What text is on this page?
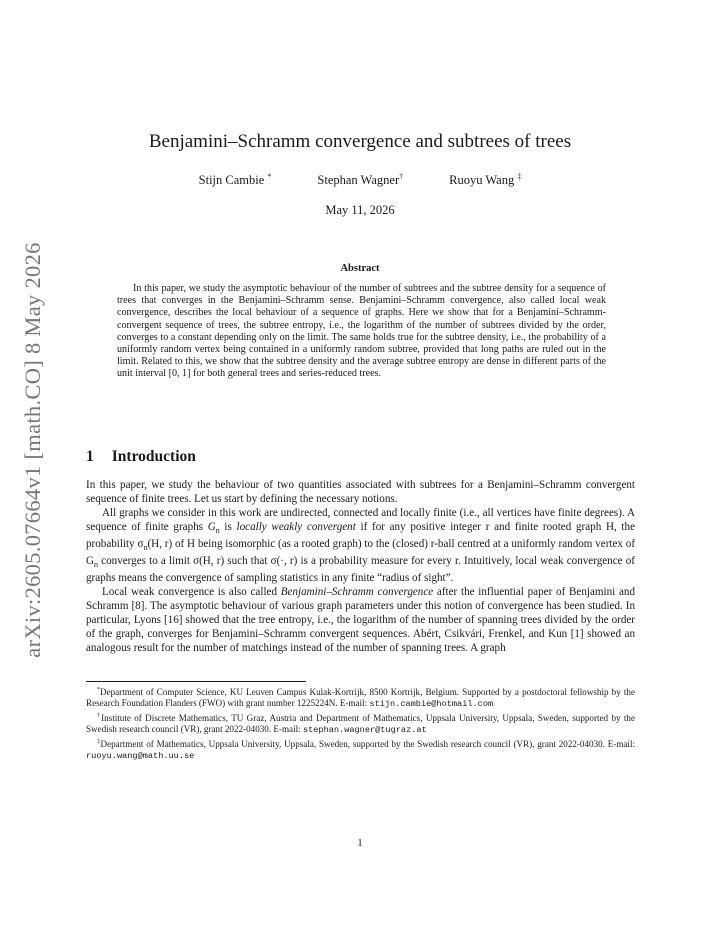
arXiv:2605.07664v1 [math.CO] 8 May 2026
Benjamini–Schramm convergence and subtrees of trees
Stijn Cambie *	Stephan Wagner†	Ruoyu Wang ‡
May 11, 2026
Abstract

In this paper, we study the asymptotic behaviour of the number of subtrees and the subtree density for a sequence of trees that converges in the Benjamini–Schramm sense. Benjamini–Schramm convergence, also called local weak convergence, describes the local behaviour of a sequence of graphs. Here we show that for a Benjamini–Schramm-convergent sequence of trees, the subtree entropy, i.e., the logarithm of the number of subtrees divided by the order, converges to a constant depending only on the limit. The same holds true for the subtree density, i.e., the probability of a uniformly random vertex being contained in a uniformly random subtree, provided that long paths are ruled out in the limit. Related to this, we show that the subtree density and the average subtree entropy are dense in different parts of the unit interval [0, 1] for both general trees and series-reduced trees.

1 Introduction

In this paper, we study the behaviour of two quantities associated with subtrees for a Benjamini–Schramm convergent sequence of finite trees. Let us start by defining the necessary notions.

All graphs we consider in this work are undirected, connected and locally finite (i.e., all vertices have finite degrees). A sequence of finite graphs $G_n$ is locally weakly convergent if for any positive integer r and finite rooted graph H, the probability $\sigma_n(H$, r) of H being isomorphic (as a rooted graph) to the (closed) r-ball centred at a uniformly random vertex of $G_n$ converges to a limit σ(H, r) such that σ(·, r) is a probability measure for every r. Intuitively, local weak convergence of graphs means the convergence of sampling statistics in any finite “radius of sight”.

Local weak convergence is also called Benjamini–Schramm convergence after the influential paper of Benjamini and Schramm [8]. The asymptotic behaviour of various graph parameters under this notion of convergence has been studied. In particular, Lyons [16] showed that the tree entropy, i.e., the logarithm of the number of spanning trees divided by the order of the graph, converges for Benjamini–Schramm convergent sequences. Abért, Csikvári, Frenkel, and Kun [1] showed an analogous result for the number of matchings instead of the number of spanning trees. A graph

*Department of Computer Science, KU Leuven Campus Kulak-Kortrijk, 8500 Kortrijk, Belgium. Supported by a postdoctoral fellowship by the Research Foundation Flanders (FWO) with grant number 1225224N. E-mail: stijn.cambie@hotmail.com

†Institute of Discrete Mathematics, TU Graz, Austria and Department of Mathematics, Uppsala University, Uppsala, Sweden, supported by the Swedish research council (VR), grant 2022-04030. E-mail: stephan.wagner@tugraz.at

‡Department of Mathematics, Uppsala University, Uppsala, Sweden, supported by the Swedish research council (VR), grant 2022-04030. E-mail: ruoyu.wang@math.uu.se

1
